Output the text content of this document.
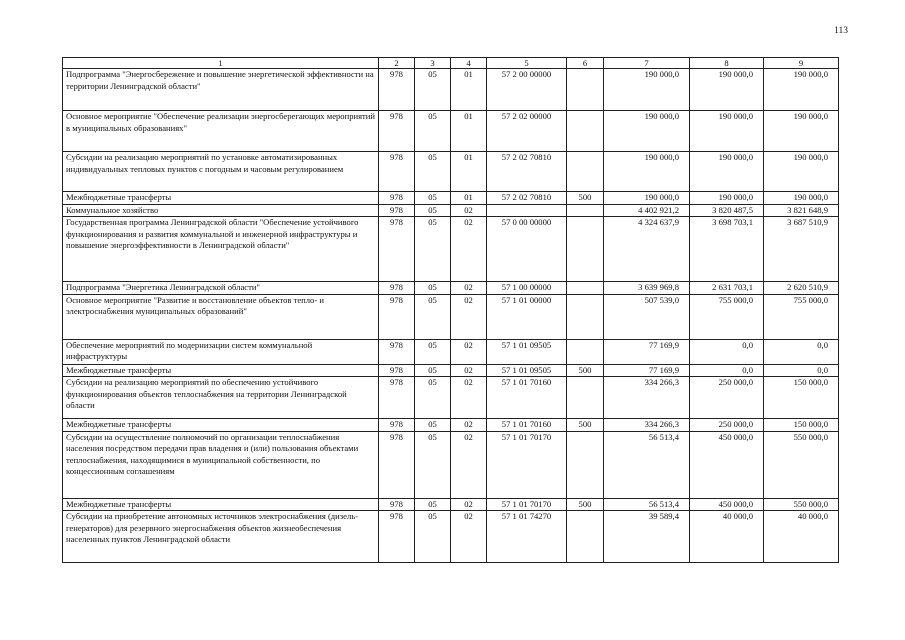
113
1	2	3	4	5	6	7	8	9
Подпрограмма "Энергосбережение и повышение энергетической эффективности на территории Ленинградской области"	978	05	01	57 2 00 00000		190 000,0	190 000,0	190 000,0
Основное мероприятие "Обеспечение реализации энергосберегающих мероприятий в муниципальных образованиях"	978	05	01	57 2 02 00000		190 000,0	190 000,0	190 000,0
Субсидии на реализацию мероприятий по установке автоматизированных индивидуальных тепловых пунктов с погодным и часовым регулированием	978	05	01	57 2 02 70810		190 000,0	190 000,0	190 000,0
Межбюджетные трансферты	978	05	01	57 2 02 70810	500	190 000,0	190 000,0	190 000,0
Коммунальное хозяйство	978	05	02			4 402 921,2	3 820 487,5	3 821 648,9
Государственная программа Ленинградской области "Обеспечение устойчивого функционирования и развития коммунальной и инженерной инфраструктуры и повышение энергоэффективности в Ленинградской области"	978	05	02	57 0 00 00000		4 324 637,9	3 698 703,1	3 687 510,9
Подпрограмма "Энергетика Ленинградской области"	978	05	02	57 1 00 00000		3 639 969,8	2 631 703,1	2 620 510,9
Основное мероприятие "Развитие и восстановление объектов тепло- и электроснабжения муниципальных образований"	978	05	02	57 1 01 00000		507 539,0	755 000,0	755 000,0
Обеспечение мероприятий по модернизации систем коммунальной инфраструктуры	978	05	02	57 1 01 09505		77 169,9	0,0	0,0
Межбюджетные трансферты	978	05	02	57 1 01 09505	500	77 169,9	0,0	0,0
Субсидии на реализацию мероприятий по обеспечению устойчивого функционирования объектов теплоснабжения на территории Ленинградской области	978	05	02	57 1 01 70160		334 266,3	250 000,0	150 000,0
Межбюджетные трансферты	978	05	02	57 1 01 70160	500	334 266,3	250 000,0	150 000,0
Субсидии на осуществление полномочий по организации теплоснабжения населения посредством передачи прав владения и (или) пользования объектами теплоснабжения, находящимися в муниципальной собственности, по концессионным соглашениям	978	05	02	57 1 01 70170		56 513,4	450 000,0	550 000,0
Межбюджетные трансферты	978	05	02	57 1 01 70170	500	56 513,4	450 000,0	550 000,0
Субсидии на приобретение автономных источников электроснабжения (дизель-генераторов) для резервного энергоснабжения объектов жизнеобеспечения населенных пунктов Ленинградской области	978	05	02	57 1 01 74270		39 589,4	40 000,0	40 000,0
